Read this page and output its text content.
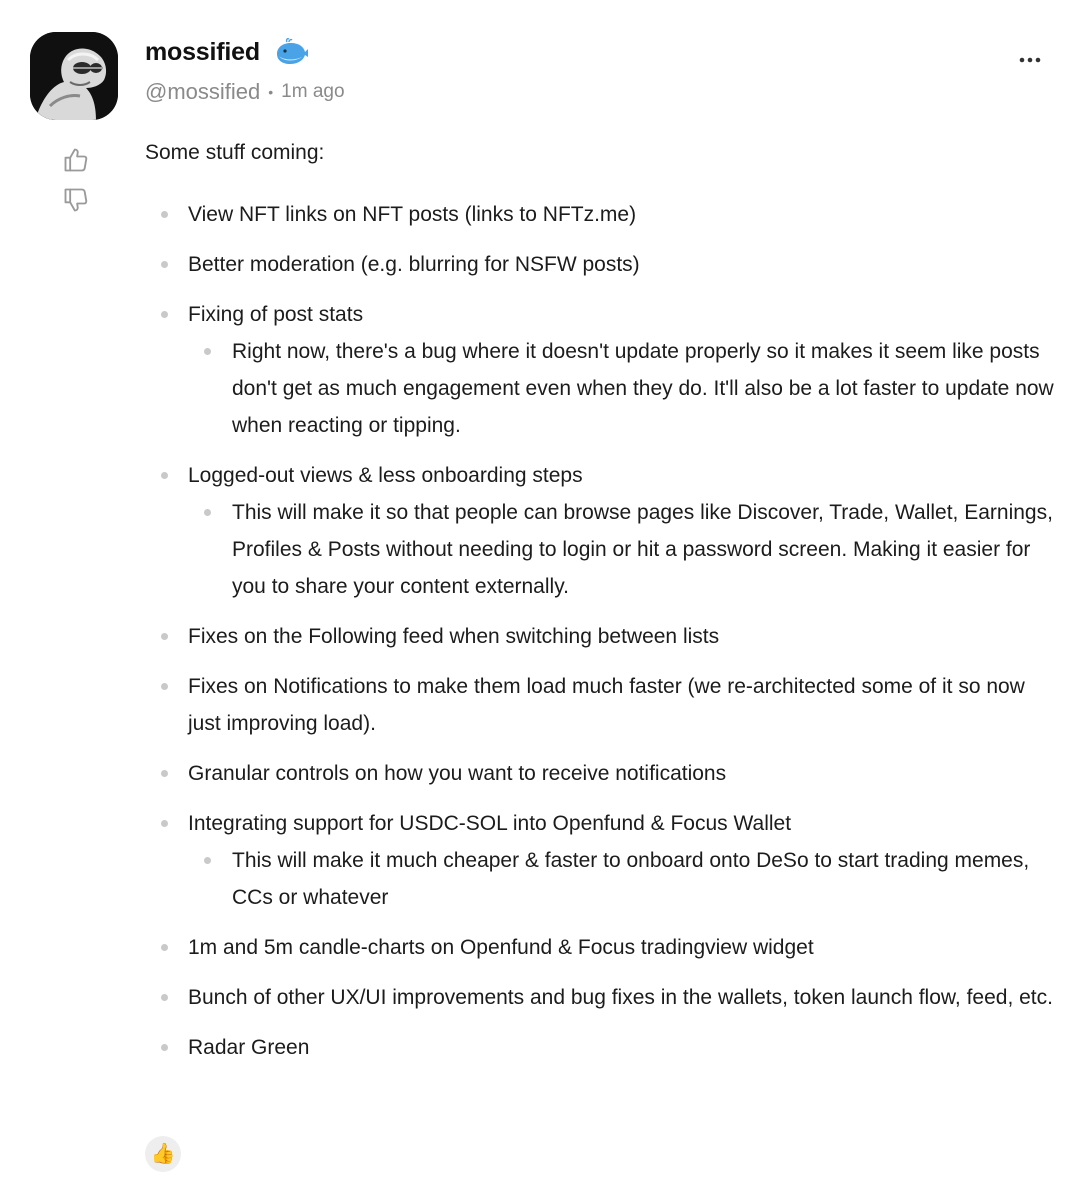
mossified
@mossified • 1m ago
Some stuff coming:
View NFT links on NFT posts (links to NFTz.me)
Better moderation (e.g. blurring for NSFW posts)
Fixing of post stats
Right now, there's a bug where it doesn't update properly so it makes it seem like posts don't get as much engagement even when they do. It'll also be a lot faster to update now when reacting or tipping.
Logged-out views & less onboarding steps
This will make it so that people can browse pages like Discover, Trade, Wallet, Earnings, Profiles & Posts without needing to login or hit a password screen. Making it easier for you to share your content externally.
Fixes on the Following feed when switching between lists
Fixes on Notifications to make them load much faster (we re-architected some of it so now just improving load).
Granular controls on how you want to receive notifications
Integrating support for USDC-SOL into Openfund & Focus Wallet
This will make it much cheaper & faster to onboard onto DeSo to start trading memes, CCs or whatever
1m and 5m candle-charts on Openfund & Focus tradingview widget
Bunch of other UX/UI improvements and bug fixes in the wallets, token launch flow, feed, etc.
Radar Green
👍
